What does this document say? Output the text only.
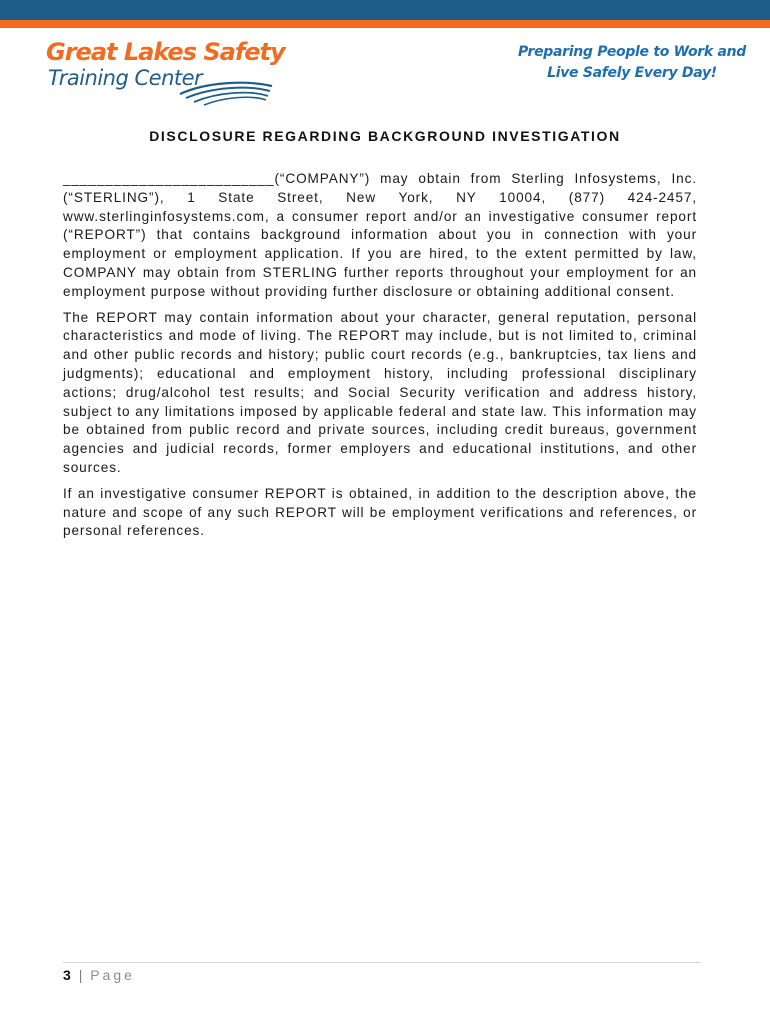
Great Lakes Safety
Training Center
Preparing People to Work and
Live Safely Every Day!
DISCLOSURE REGARDING BACKGROUND INVESTIGATION

_________________________(“COMPANY”) may obtain from Sterling Infosystems, Inc. (“STERLING”), 1 State Street, New York, NY 10004, (877) 424-2457, www.sterlinginfosystems.com, a consumer report and/or an investigative consumer report (“REPORT”) that contains background information about you in connection with your employment or employment application. If you are hired, to the extent permitted by law, COMPANY may obtain from STERLING further reports throughout your employment for an employment purpose without providing further disclosure or obtaining additional consent.

The REPORT may contain information about your character, general reputation, personal characteristics and mode of living. The REPORT may include, but is not limited to, criminal and other public records and history; public court records (e.g., bankruptcies, tax liens and judgments); educational and employment history, including professional disciplinary actions; drug/alcohol test results; and Social Security verification and address history, subject to any limitations imposed by applicable federal and state law. This information may be obtained from public record and private sources, including credit bureaus, government agencies and judicial records, former employers and educational institutions, and other sources.

If an investigative consumer REPORT is obtained, in addition to the description above, the nature and scope of any such REPORT will be employment verifications and references, or personal references.

3 | Page
